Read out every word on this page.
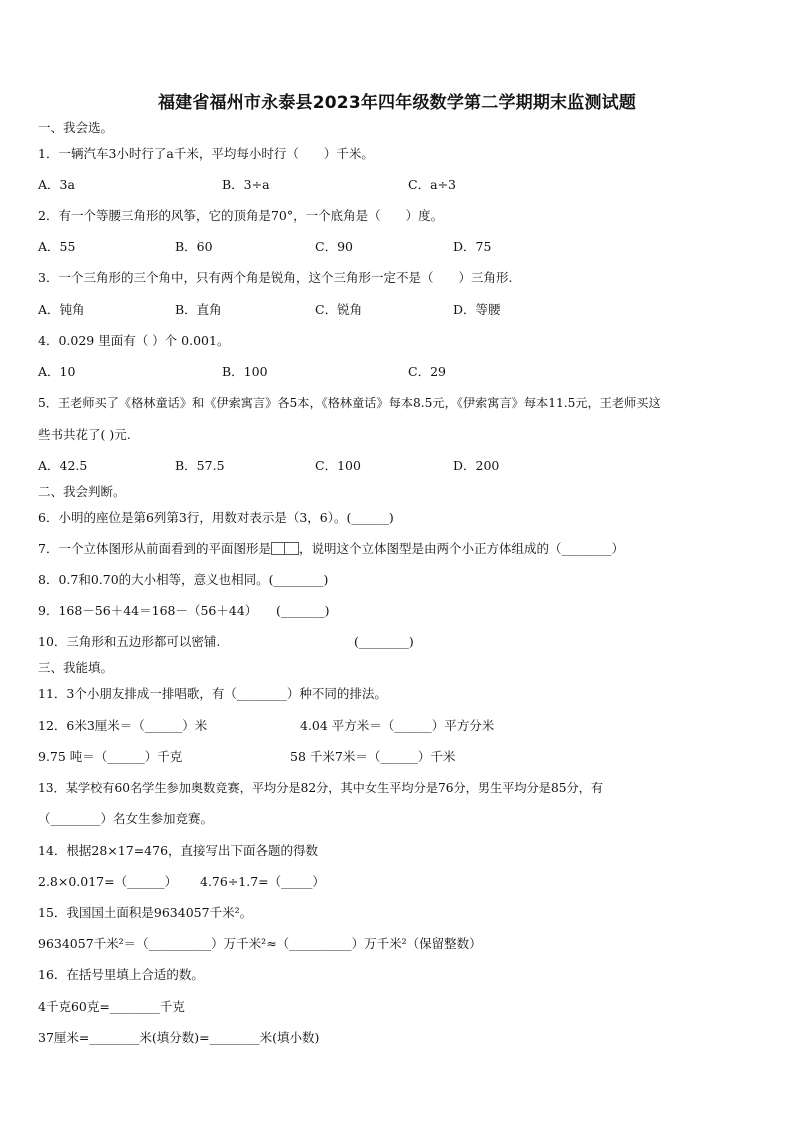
福建省福州市永泰县2023年四年级数学第二学期期末监测试题
一、我会选。
1．一辆汽车3小时行了a千米，平均每小时行（　　）千米。
A．3a	B．3÷a	C．a÷3
2．有一个等腰三角形的风筝，它的顶角是70°，一个底角是（　　）度。
A．55	B．60	C．90	D．75
3．一个三角形的三个角中，只有两个角是锐角，这个三角形一定不是（　　）三角形.
A．钝角	B．直角	C．锐角	D．等腰
4．0.029 里面有（ ）个 0.001。
A．10	B．100	C．29
5．王老师买了《格林童话》和《伊索寓言》各5本，《格林童话》每本8.5元，《伊索寓言》每本11.5元，王老师买这
些书共花了( )元.
A．42.5	B．57.5	C．100	D．200
二、我会判断。
6．小明的座位是第6列第3行，用数对表示是（3，6）。(______)
7．一个立体图形从前面看到的平面图形是 ，说明这个立体图型是由两个小正方体组成的（________）
8．0.7和0.70的大小相等，意义也相同。(________)
9．168－56＋44＝168－（56＋44）　　(_______)
10．三角形和五边形都可以密铺.	(________)
三、我能填。
11．3个小朋友排成一排唱歌，有（________）种不同的排法。
12．6米3厘米＝（______）米	4.04 平方米＝（______）平方分米
9.75 吨＝（______）千克	58 千米7米＝（______）千米
13．某学校有60名学生参加奥数竞赛，平均分是82分，其中女生平均分是76分，男生平均分是85分，有
（________）名女生参加竞赛。
14．根据28×17=476，直接写出下面各题的得数
2.8×0.017=（______） 4.76÷1.7=（_____）
15．我国国土面积是9634057千米²。
9634057千米²＝（__________）万千米²≈（__________）万千米²（保留整数）
16．在括号里填上合适的数。
4千克60克=________千克
37厘米=________米(填分数)=________米(填小数)
